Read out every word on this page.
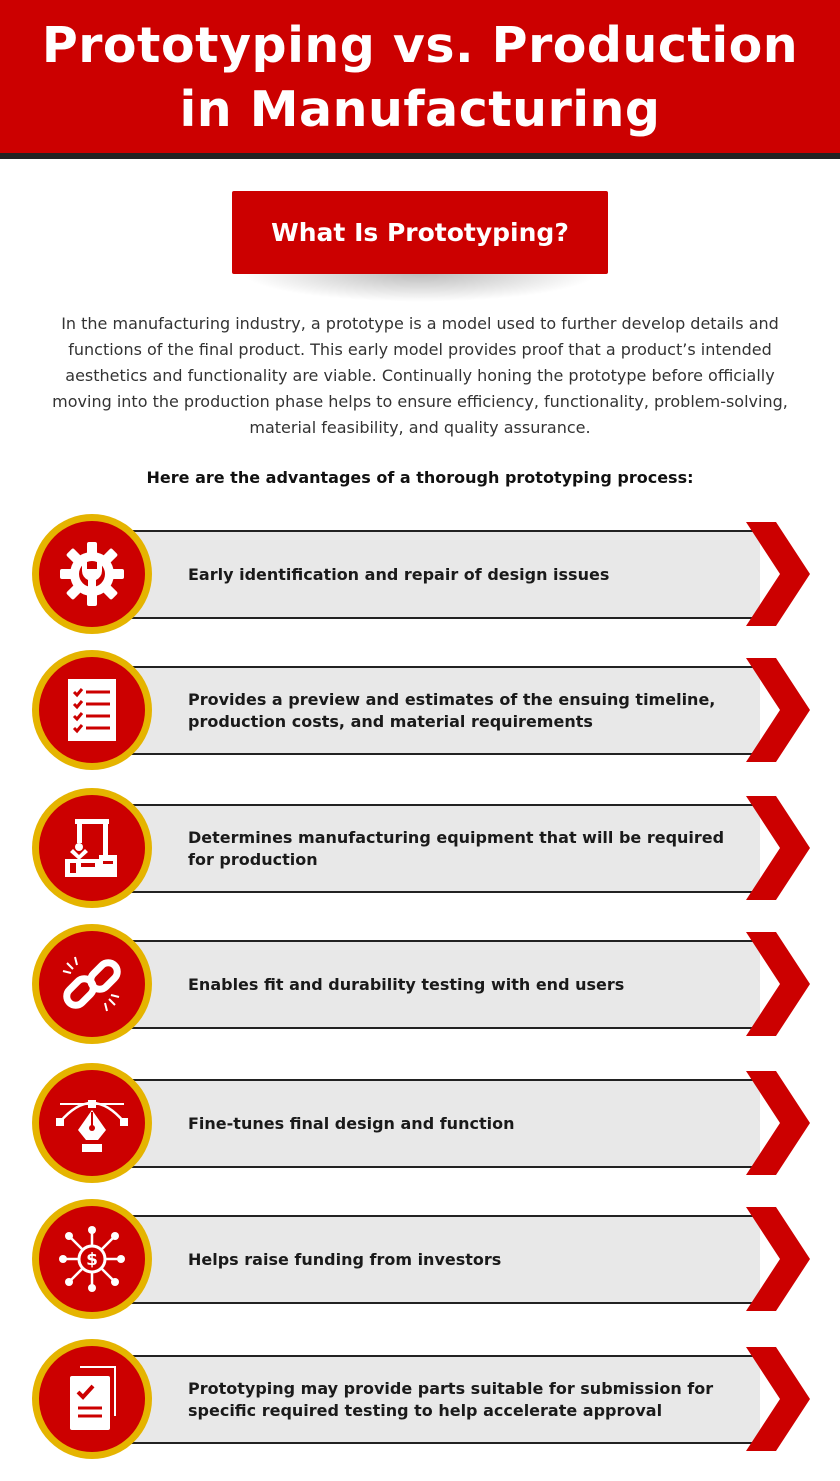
Prototyping vs. Production
in Manufacturing
What Is Prototyping?

In the manufacturing industry, a prototype is a model used to further develop details and functions of the final product. This early model provides proof that a product’s intended aesthetics and functionality are viable. Continually honing the prototype before officially moving into the production phase helps to ensure efficiency, functionality, problem-solving, material feasibility, and quality assurance.

Here are the advantages of a thorough prototyping process:

Early identification and repair of design issues
Provides a preview and estimates of the ensuing timeline, production costs, and material requirements
Determines manufacturing equipment that will be required for production
Enables fit and durability testing with end users
Fine-tunes final design and function
$	Helps raise funding from investors
Prototyping may provide parts suitable for submission for specific required testing to help accelerate approval
